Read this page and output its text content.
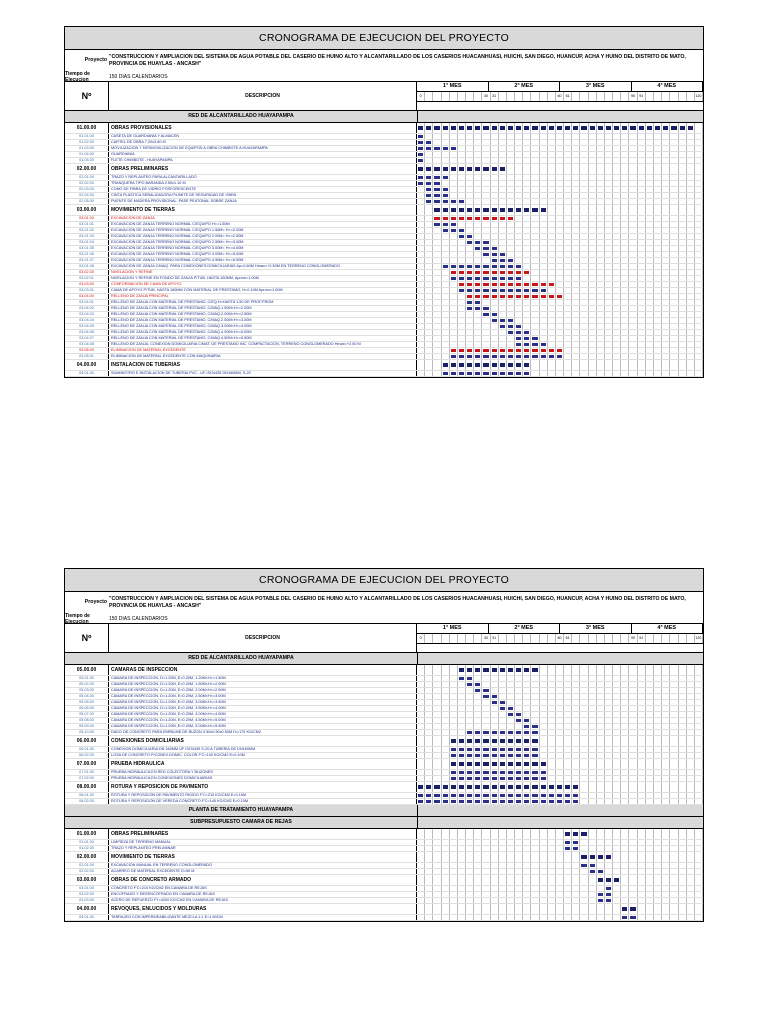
CRONOGRAMA DE EJECUCION DEL PROYECTO
Proyecto "CONSTRUCCION Y AMPLIACION DEL SISTEMA DE AGUA POTABLE DEL CASERIO DE HUINO ALTO Y ALCANTARILLADO DE LOS CASERIOS HUACANHUASI, HUICHI, SAN DIEGO, HUANCUP, ACHA Y HUINO DEL DISTRITO DE MATO, PROVINCIA DE HUAYLAS - ANCASH"
Tiempo de Ejecucion	150 DIAS CALENDARIOS
Nº	DESCRIPCION
1° MES	2° MES	3° MES	4° MES
0	30	31	60	61	90	91	120
RED DE ALCANTARILLADO HUAYAPAMPA
01.00.00	OBRAS PROVISIONALES
01.01.00	CASETA DE GUARDIANIA Y ALMACEN
01.02.00	CARTEL DE OBRA 7.20x3.60 M
01.03.00	MOVILIZACION Y DESMOVILIZACION DE EQUIPOS A OBRA CHIMBOTE A HUAYAPAMPA
01.04.00	GUARDIANIA
01.05.00	FLETE CHIMBOTE - HUAYAPAMPA
02.00.00	OBRAS PRELIMINARES
02.01.00	TRAZO Y REPLANTEO PARA ALCANTARILLADO
02.02.00	TRANQUERA TIPO BARANDA 2.50x1.10 M
02.03.00	CONO DE FIBRA DE VIDRIO FOSFORESCENTE
02.04.00	CINTA PLASTICA SEÑALIZADORA P/LIMITE DE SEGURIDAD DE OBRA
02.05.00	PUENTE DE MADERA PROVISIONAL, PASE PEATONAL SOBRE ZANJA
03.00.00	MOVIMIENTO DE TIERRAS
03.01.00	EXCAVACION DE ZANJA
03.01.01	EXCAVACION DE ZANJA TERRENO NORMAL C/EQUIPO H<=1.50M
03.01.02	EXCAVACION DE ZANJA TERRENO NORMAL C/EQUIPO 1.50M< H<=2.00M
03.01.03	EXCAVACION DE ZANJA TERRENO NORMAL C/EQUIPO 2.00M< H<=2.50M
03.01.04	EXCAVACION DE ZANJA TERRENO NORMAL C/EQUIPO 2.50M< H<=3.00M
03.01.05	EXCAVACION DE ZANJA TERRENO NORMAL C/EQUIPO 3.00M< H<=4.00M
03.01.06	EXCAVACION DE ZANJA TERRENO NORMAL C/EQUIPO 4.00M< H<=5.00M
03.01.07	EXCAVACION DE ZANJA TERRENO NORMAL C/EQUIPO 4.50M< H<=5.50M
03.01.08	EXCAVACION DE ZANJA C/MAQ. PARA CONEXIONES DOMICILIARIAS Ap=0.60M Hmax=+2.50M EN TERRENO CONGLOMERADO
03.02.00	NIVELACION Y REFINE
03.02.01	NIVELACION Y REFINE EN FONDO DE ZANJA P/TUB. HASTA 160MM, Aprom=1.00M
03.03.00	CONFORMACION DE CAMA DE APOYO
03.03.01	CAMA DE APOYO P/TUB. HASTA 160MM CON MATERIAL DE PRESTAMO, H=0.10M Aprom=1.00M
03.04.00	RELLENO DE ZANJA PRINCIPAL
03.04.01	RELLENO DE ZANJA CON MATERIAL DE PRESTAMO, C/EQ.H<HASTA 1.50 DE PROF.PROM
03.04.02	RELLENO DE ZANJA CON MATERIAL DE PRESTAMO, C/MAQ.1.50M<H<=2.00M
03.04.03	RELLENO DE ZANJA CON MATERIAL DE PRESTAMO, C/MAQ.2.00M<H<=2.50M
03.04.04	RELLENO DE ZANJA CON MATERIAL DE PRESTAMO, C/MAQ.2.50M<H<=3.00M
03.04.05	RELLENO DE ZANJA CON MATERIAL DE PRESTAMO, C/MAQ.3.00M<H<=4.00M
03.04.06	RELLENO DE ZANJA CON MATERIAL DE PRESTAMO, C/MAQ.4.00M<H<=5.00M
03.04.07	RELLENO DE ZANJA CON MATERIAL DE PRESTAMO, C/MAQ.4.50M<H<=5.50M
03.04.08	RELLENO DE ZANJA, CONEXION DOMICILIARIA C/MAT. DE PRESTAMO INC. COMPACTACION, TERRENO CONGLOMERADO Hmax=+2.50 M
03.05.00	ELIMINACION DE MATERIAL EXCEDENTE
03.05.01	ELIMINACION DE MATERIAL EXCEDENTE CON MAQUINARIA
04.00.00	INSTALACION DE TUBERIAS
04.01.00	SUMINISTRO E INSTALACION DE TUBERIA PVC - UF ISO4435 DN160MM, S-20
CRONOGRAMA DE EJECUCION DEL PROYECTO
Proyecto "CONSTRUCCION Y AMPLIACION DEL SISTEMA DE AGUA POTABLE DEL CASERIO DE HUINO ALTO Y ALCANTARILLADO DE LOS CASERIOS HUACANHUASI, HUICHI, SAN DIEGO, HUANCUP, ACHA Y HUINO DEL DISTRITO DE MATO, PROVINCIA DE HUAYLAS - ANCASH"
Tiempo de Ejecucion	150 DIAS CALENDARIOS
Nº	DESCRIPCION
1° MES	2° MES	3° MES	4° MES
0	30	31	60	61	90	91	120
RED DE ALCANTARILLADO HUAYAPAMPA
05.00.00	CAMARAS DE INSPECCION
05.01.00	CAMARA DE INSPECCION, D=1.20M, E=0.20M, 1.20M<H<=1.50M
05.02.00	CAMARA DE INSPECCION, D=1.20M, E=0.20M, 1.50M<H<=2.00M
05.03.00	CAMARA DE INSPECCION, D=1.20M, E=0.20M, 2.00M<H<=2.50M
05.04.00	CAMARA DE INSPECCION, D=1.20M, E=0.20M, 2.50M<H<=3.00M
05.05.00	CAMARA DE INSPECCION, D=1.20M, E=0.20M, 3.00M<H<=3.50M
05.06.00	CAMARA DE INSPECCION, D=1.20M, E=0.20M, 3.50M<H<=4.00M
05.07.00	CAMARA DE INSPECCION, D=1.20M, E=0.20M, 4.00M<H<=4.50M
05.08.00	CAMARA DE INSPECCION, D=1.20M, E=0.20M, 4.50M<H<=5.00M
05.09.00	CAMARA DE INSPECCION, D=1.20M, E=0.20M, 5.00M<H<=5.50M
05.10.00	DADO DE CONCRETO PARA EMPALME DE BUZON 0.50x0.50x0.50M f'c=175 KG/CM2
06.00.00	CONEXIONES DOMICILIARIAS
06.01.00	CONEXION DOMICILIARIA DN 160MM UF ISO4435 S-20 A TUBERIA DE DN160MM
06.02.00	LOSA DE CONCRETO P/CONEX.DOMIC. COLOR F'C=140 KG/CM2 E=0.10M
07.00.00	PRUEBA HIDRAULICA
07.01.00	PRUEBA HIDRAULICA EN RED COLECTORA Y BUZONES
07.02.00	PRUEBA HIDRAULICA EN CONEXIONES DOMICILIARIAS
08.00.00	ROTURA Y REPOSICION DE PAVIMENTO
08.01.00	ROTURA Y REPOSICION DE PAVIMENTO RIGIDO F'C=210 KG/CM2 E=0.15M
08.02.00	ROTURA Y REPOSICION DE VEREDA CONCRETO F'C=140 KG/CM2 E=0.10M
PLANTA DE TRATAMIENTO HUAYAPAMPA
SUBPRESUPUESTO CAMARA DE REJAS
01.00.00	OBRAS PRELIMINARES
01.01.00	LIMPIEZA DE TERRENO MANUAL
01.02.00	TRAZO Y REPLANTEO PRELIMINAR
02.00.00	MOVIMIENTO DE TIERRAS
02.01.00	EXCAVACION MANUAL EN TERRENO CONGLOMERADO
02.02.00	ACARREO DE MATERIAL EXCEDENTE D=50 M
03.00.00	OBRAS DE CONCRETO ARMADO
03.01.00	CONCRETO F'C=210 KG/CM2 EN CAMARA DE REJAS
03.02.00	ENCOFRADO Y DESENCOFRADO EN CAMARA DE REJAS
03.03.00	ACERO DE REFUERZO FY=4200 KG/CM2 EN CAMARA DE REJAS
04.00.00	REVOQUES, ENLUCIDOS Y MOLDURAS
04.01.00	TARRAJEO CON IMPERMEABILIZANTE MEZCLA 1:1 E=1.50CM
